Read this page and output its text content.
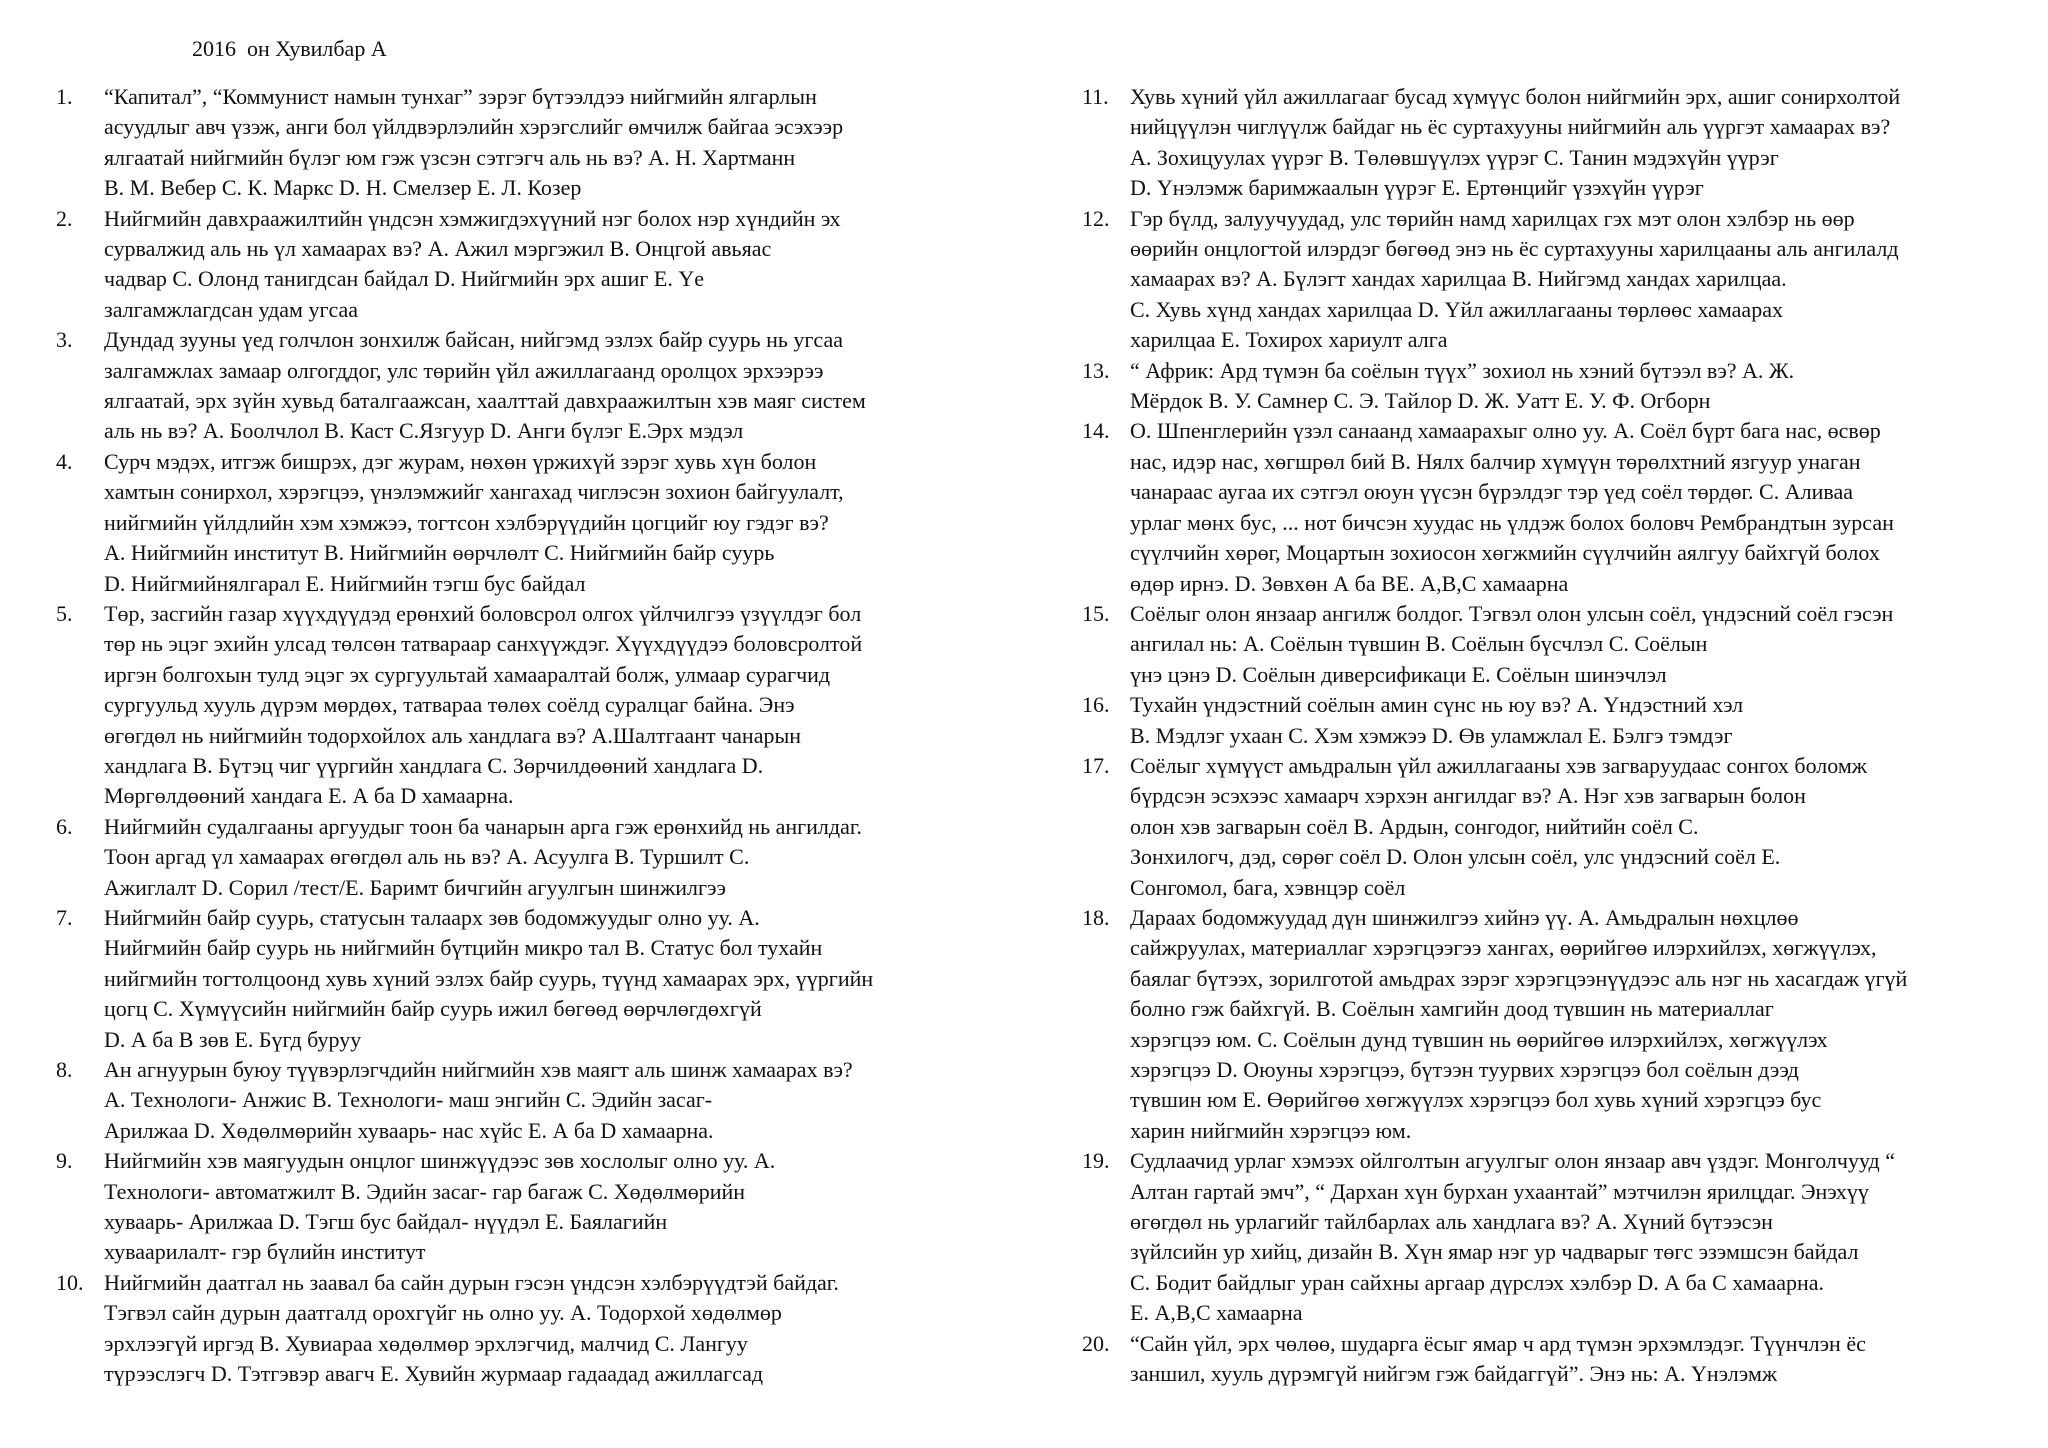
2016  он Хувилбар А
1.	“Капитал”, “Коммунист намын тунхаг” зэрэг бүтээлдээ нийгмийн ялгарлын
асуудлыг авч үзэж, анги бол үйлдвэрлэлийн хэрэгслийг өмчилж байгаа эсэхээр
ялгаатай нийгмийн бүлэг юм гэж үзсэн сэтгэгч аль нь вэ? А. Н. Хартманн
В. М. Вебер С. К. Маркс D. Н. Смелзер Е. Л. Козер
2.	Нийгмийн давхраажилтийн үндсэн хэмжигдэхүүний нэг болох нэр хүндийн эх
сурвалжид аль нь үл хамаарах вэ? А. Ажил мэргэжил В. Онцгой авьяас
чадвар С. Олонд танигдсан байдал D. Нийгмийн эрх ашиг Е. Үе
залгамжлагдсан удам угсаа
3.	Дундад зууны үед голчлон зонхилж байсан, нийгэмд эзлэх байр суурь нь угсаа
залгамжлах замаар олгогддог, улс төрийн үйл ажиллагаанд оролцох эрхээрээ
ялгаатай, эрх зүйн хувьд баталгаажсан, хаалттай давхраажилтын хэв маяг систем
аль нь вэ? А. Боолчлол В. Каст С.Язгуур D. Анги бүлэг Е.Эрх мэдэл
4.	Сурч мэдэх, итгэж бишрэх, дэг журам, нөхөн үржихүй зэрэг хувь хүн болон
хамтын сонирхол, хэрэгцээ, үнэлэмжийг хангахад чиглэсэн зохион байгуулалт,
нийгмийн үйлдлийн хэм хэмжээ, тогтсон хэлбэрүүдийн цогцийг юу гэдэг вэ?
А. Нийгмийн институт В. Нийгмийн өөрчлөлт С. Нийгмийн байр суурь
D. Нийгмийнялгарал Е. Нийгмийн тэгш бус байдал
5.	Төр, засгийн газар хүүхдүүдэд ерөнхий боловсрол олгох үйлчилгээ үзүүлдэг бол
төр нь эцэг эхийн улсад төлсөн татвараар санхүүждэг. Хүүхдүүдээ боловсролтой
иргэн болгохын тулд эцэг эх сургуультай хамааралтай болж, улмаар сурагчид
сургуульд хууль дүрэм мөрдөх, татвараа төлөх соёлд суралцаг байна. Энэ
өгөгдөл нь нийгмийн тодорхойлох аль хандлага вэ? А.Шалтгаант чанарын
хандлага В. Бүтэц чиг үүргийн хандлага С. Зөрчилдөөний хандлага D.
Мөргөлдөөний хандага Е. А ба D хамаарна.
6.	Нийгмийн судалгааны аргуудыг тоон ба чанарын арга гэж ерөнхийд нь ангилдаг.
Тоон аргад үл хамаарах өгөгдөл аль нь вэ? А. Асуулга В. Туршилт С.
Ажиглалт D. Сорил /тест/Е. Баримт бичгийн агуулгын шинжилгээ
7.	Нийгмийн байр суурь, статусын талаарх зөв бодомжуудыг олно уу. А.
Нийгмийн байр суурь нь нийгмийн бүтцийн микро тал В. Статус бол тухайн
нийгмийн тогтолцоонд хувь хүний эзлэх байр суурь, түүнд хамаарах эрх, үүргийн
цогц С. Хүмүүсийн нийгмийн байр суурь ижил бөгөөд өөрчлөгдөхгүй
D. А ба В зөв Е. Бүгд буруу
8.	Ан агнуурын буюу түүвэрлэгчдийн нийгмийн хэв маягт аль шинж хамаарах вэ?
А. Технологи- Анжис В. Технологи- маш энгийн С. Эдийн засаг-
Арилжаа D. Хөдөлмөрийн хуваарь- нас хүйс Е. А ба D хамаарна.
9.	Нийгмийн хэв маягуудын онцлог шинжүүдээс зөв хослолыг олно уу. А.
Технологи- автоматжилт В. Эдийн засаг- гар багаж С. Хөдөлмөрийн
хуваарь- Арилжаа D. Тэгш бус байдал- нүүдэл Е. Баялагийн
хуваарилалт- гэр бүлийн институт
10. Нийгмийн даатгал нь заавал ба сайн дурын гэсэн үндсэн хэлбэрүүдтэй байдаг.
Тэгвэл сайн дурын даатгалд орохгүйг нь олно уу. А. Тодорхой хөдөлмөр
эрхлээгүй иргэд В. Хувиараа хөдөлмөр эрхлэгчид, малчид С. Лангуу
түрээслэгч D. Тэтгэвэр авагч Е. Хувийн журмаар гадаадад ажиллагсад
11. Хувь хүний үйл ажиллагааг бусад хүмүүс болон нийгмийн эрх, ашиг сонирхолтой
нийцүүлэн чиглүүлж байдаг нь ёс суртахууны нийгмийн аль үүргэт хамаарах вэ?
А. Зохицуулах үүрэг В. Төлөвшүүлэх үүрэг С. Танин мэдэхүйн үүрэг
D. Үнэлэмж баримжаалын үүрэг Е. Ертөнцийг үзэхүйн үүрэг
12. Гэр бүлд, залуучуудад, улс төрийн намд харилцах гэх мэт олон хэлбэр нь өөр
өөрийн онцлогтой илэрдэг бөгөөд энэ нь ёс суртахууны харилцааны аль ангилалд
хамаарах вэ? А. Бүлэгт хандах харилцаа В. Нийгэмд хандах харилцаа.
С. Хувь хүнд хандах харилцаа D. Үйл ажиллагааны төрлөөс хамаарах
харилцаа Е. Тохирох хариулт алга
13. “ Африк: Ард түмэн ба соёлын түүх” зохиол нь хэний бүтээл вэ? А. Ж.
Мёрдок В. У. Самнер С. Э. Тайлор D. Ж. Уатт Е. У. Ф. Огборн
14. О. Шпенглерийн үзэл санаанд хамаарахыг олно уу. А. Соёл бүрт бага нас, өсвөр
нас, идэр нас, хөгшрөл бий В. Нялх балчир хүмүүн төрөлхтний язгуур унаган
чанараас аугаа их сэтгэл оюун үүсэн бүрэлдэг тэр үед соёл төрдөг. С. Аливаа
урлаг мөнх бус, ... нот бичсэн хуудас нь үлдэж болох боловч Рембрандтын зурсан
сүүлчийн хөрөг, Моцартын зохиосон хөгжмийн сүүлчийн аялгуу байхгүй болох
өдөр ирнэ. D. Зөвхөн А ба ВЕ. А,В,С хамаарна
15. Соёлыг олон янзаар ангилж болдог. Тэгвэл олон улсын соёл, үндэсний соёл гэсэн
ангилал нь: А. Соёлын түвшин В. Соёлын бүсчлэл С. Соёлын
үнэ цэнэ D. Соёлын диверсификаци Е. Соёлын шинэчлэл
16. Тухайн үндэстний соёлын амин сүнс нь юу вэ? А. Үндэстний хэл
В. Мэдлэг ухаан С. Хэм хэмжээ D. Өв уламжлал Е. Бэлгэ тэмдэг
17. Соёлыг хүмүүст амьдралын үйл ажиллагааны хэв загваруудаас сонгох боломж
бүрдсэн эсэхээс хамаарч хэрхэн ангилдаг вэ? А. Нэг хэв загварын болон
олон хэв загварын соёл В. Ардын, сонгодог, нийтийн соёл С.
Зонхилогч, дэд, сөрөг соёл D. Олон улсын соёл, улс үндэсний соёл Е.
Сонгомол, бага, хэвнцэр соёл
18. Дараах бодомжуудад дүн шинжилгээ хийнэ үү. А. Амьдралын нөхцлөө
сайжруулах, материаллаг хэрэгцээгээ хангах, өөрийгөө илэрхийлэх, хөгжүүлэх,
баялаг бүтээх, зорилготой амьдрах зэрэг хэрэгцээнүүдээс аль нэг нь хасагдаж үгүй
болно гэж байхгүй. В. Соёлын хамгийн доод түвшин нь материаллаг
хэрэгцээ юм. С. Соёлын дунд түвшин нь өөрийгөө илэрхийлэх, хөгжүүлэх
хэрэгцээ D. Оюуны хэрэгцээ, бүтээн туурвих хэрэгцээ бол соёлын дээд
түвшин юм Е. Өөрийгөө хөгжүүлэх хэрэгцээ бол хувь хүний хэрэгцээ бус
харин нийгмийн хэрэгцээ юм.
19. Судлаачид урлаг хэмээх ойлголтын агуулгыг олон янзаар авч үздэг. Монголчууд “
Алтан гартай эмч”, “ Дархан хүн бурхан ухаантай” мэтчилэн ярилцдаг. Энэхүү
өгөгдөл нь урлагийг тайлбарлах аль хандлага вэ? А. Хүний бүтээсэн
зүйлсийн ур хийц, дизайн В. Хүн ямар нэг ур чадварыг төгс эзэмшсэн байдал
С. Бодит байдлыг уран сайхны аргаар дүрслэх хэлбэр D. А ба С хамаарна.
Е. А,В,С хамаарна
20. “Сайн үйл, эрх чөлөө, шударга ёсыг ямар ч ард түмэн эрхэмлэдэг. Түүнчлэн ёс
заншил, хууль дүрэмгүй нийгэм гэж байдаггүй”. Энэ нь: А. Үнэлэмж
